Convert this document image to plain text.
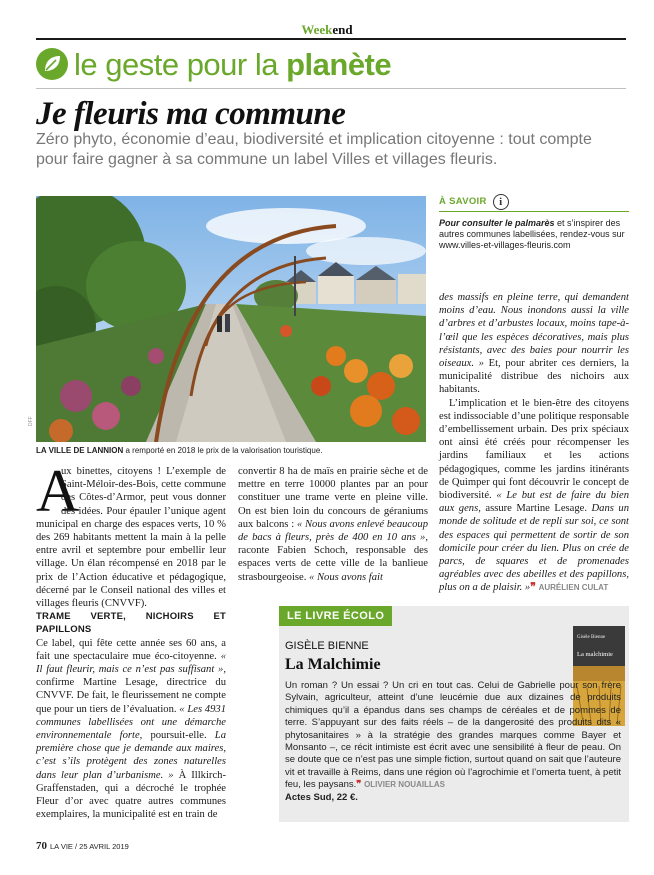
Weekend
le geste pour la planète
Je fleuris ma commune

Zéro phyto, économie d’eau, biodiversité et implication citoyenne : tout compte pour faire gagner à sa commune un label Villes et villages fleuris.

DFF
LA VILLE DE LANNION a remporté en 2018 le prix de la valorisation touristique.

A
ux binettes, citoyens ! L’exemple de Saint-Méloir-des-Bois, cette commune des Côtes-d’Armor, peut vous donner des idées. Pour épauler l’unique agent municipal en charge des espaces verts, 10 % des 269 habitants mettent la main à la pelle entre avril et septembre pour embellir leur village. Un élan récompensé en 2018 par le prix de l’Action éducative et pédagogique, décerné par le Conseil national des villes et villages fleuris (CNVVF).

TRAME VERTE, NICHOIRS ET PAPILLONS

Ce label, qui fête cette année ses 60 ans, a fait une spectaculaire mue éco-citoyenne. « Il faut fleurir, mais ce n’est pas suffisant », confirme Martine Lesage, directrice du CNVVF. De fait, le fleurissement ne compte que pour un tiers de l’évaluation. « Les 4931 communes labellisées ont une démarche environnementale forte, poursuit-elle. La première chose que je demande aux maires, c’est s’ils protègent des zones naturelles dans leur plan d’urbanisme. » À Illkirch-Graffenstaden, qui a décroché le trophée Fleur d’or avec quatre autres communes exemplaires, la municipalité est en train de

convertir 8 ha de maïs en prairie sèche et de mettre en terre 10000 plantes par an pour constituer une trame verte en pleine ville. On est bien loin du concours de géraniums aux balcons : « Nous avons enlevé beaucoup de bacs à fleurs, près de 400 en 10 ans », raconte Fabien Schoch, responsable des espaces verts de cette ville de la banlieue strasbourgeoise. « Nous avons fait

À SAVOIR	i

Pour consulter le palmarès et s’inspirer des autres communes labellisées, rendez-vous sur www.villes-et-villages-fleuris.com

des massifs en pleine terre, qui demandent moins d’eau. Nous inondons aussi la ville d’arbres et d’arbustes locaux, moins tape-à-l’œil que les espèces décoratives, mais plus résistants, avec des baies pour nourrir les oiseaux. » Et, pour abriter ces derniers, la municipalité distribue des nichoirs aux habitants.

L’implication et le bien-être des citoyens est indissociable d’une politique responsable d’embellissement urbain. Des prix spéciaux ont ainsi été créés pour récompenser les jardins familiaux et les actions pédagogiques, comme les jardins itinérants de Quimper qui font découvrir le concept de biodiversité. « Le but est de faire du bien aux gens, assure Martine Lesage. Dans un monde de solitude et de repli sur soi, ce sont des espaces qui permettent de sortir de son domicile pour créer du lien. Plus on crée de parcs, de squares et de promenades agréables avec des abeilles et des papillons, plus on a de plaisir. »❞ AURÉLIEN CULAT

LE LIVRE ÉCOLO
GISÈLE BIENNE
La Malchimie
Gisèle Bienne
La malchimie

Un roman ? Un essai ? Un cri en tout cas. Celui de Gabrielle pour son frère Sylvain, agriculteur, atteint d’une leucémie due aux dizaines de produits chimiques qu’il a épandus dans ses champs de céréales et de pommes de terre. S’appuyant sur des faits réels – de la dangerosité des produits dits « phytosanitaires » à la stratégie des grandes marques comme Bayer et Monsanto –, ce récit intimiste est écrit avec une sensibilité à fleur de peau. On se doute que ce n’est pas une simple fiction, surtout quand on sait que l’auteure vit et travaille à Reims, dans une région où l’agrochimie et l’omerta tuent, à petit feu, les paysans.❞ OLIVIER NOUAILLAS

Actes Sud, 22 €.
70 LA VIE / 25 AVRIL 2019
